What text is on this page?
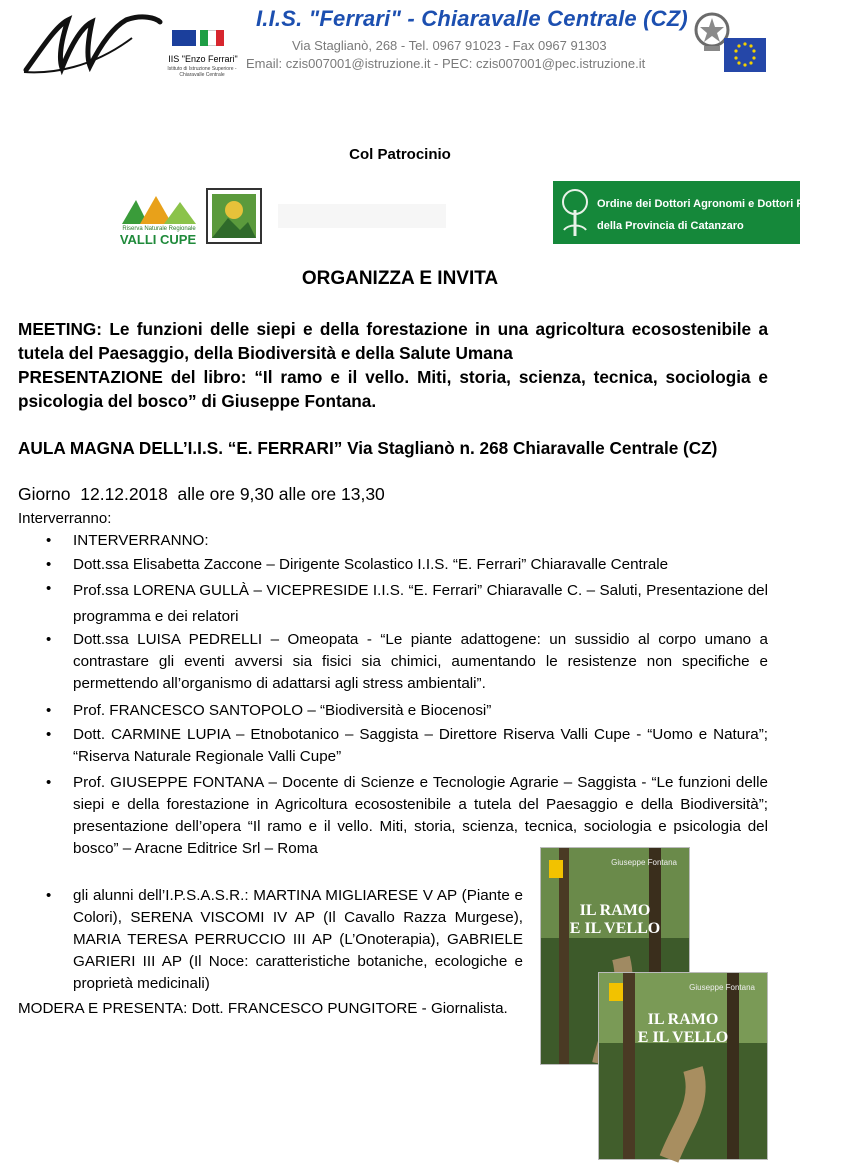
IIS "Enzo Ferrari"
Istituto di Istruzione Superiore - Chiaravalle Centrale
I.I.S. "Ferrari" - Chiaravalle Centrale (CZ)
Via Staglianò, 268 - Tel. 0967 91023 - Fax 0967 91303
Email: czis007001@istruzione.it - PEC: czis007001@pec.istruzione.it
Col Patrocinio
Riserva Naturale Regionale
VALLI CUPE
Ordine dei Dottori Agronomi e Dottori Forestali
della Provincia di Catanzaro
ORGANIZZA E INVITA

MEETING: Le funzioni delle siepi e della forestazione in una agricoltura ecosostenibile a tutela del Paesaggio, della Biodiversità e della Salute Umana

PRESENTAZIONE del libro: “Il ramo e il vello. Miti, storia, scienza, tecnica, sociologia e psicologia del bosco” di Giuseppe Fontana.

AULA MAGNA DELL’I.I.S. “E. FERRARI” Via Staglianò n. 268 Chiaravalle Centrale (CZ)
Giorno  12.12.2018  alle ore 9,30 alle ore 13,30
Interverranno:
• INTERVERRANNO:
• Dott.ssa Elisabetta Zaccone – Dirigente Scolastico I.I.S. “E. Ferrari” Chiaravalle Centrale
• Prof.ssa LORENA GULLÀ – VICEPRESIDE I.I.S. “E. Ferrari” Chiaravalle C. – Saluti, Presentazione del programma e dei relatori
• Dott.ssa LUISA PEDRELLI – Omeopata - “Le piante adattogene: un sussidio al corpo umano a contrastare gli eventi avversi sia fisici sia chimici, aumentando le resistenze non specifiche e permettendo all’organismo di adattarsi agli stress ambientali”.
• Prof. FRANCESCO SANTOPOLO – “Biodiversità e Biocenosi”
• Dott. CARMINE LUPIA – Etnobotanico – Saggista – Direttore Riserva Valli Cupe - “Uomo e Natura”; “Riserva Naturale Regionale Valli Cupe”
• Prof. GIUSEPPE FONTANA – Docente di Scienze e Tecnologie Agrarie – Saggista - “Le funzioni delle siepi e della forestazione in Agricoltura ecosostenibile a tutela del Paesaggio e della Biodiversità”; presentazione dell’opera “Il ramo e il vello. Miti, storia, scienza, tecnica, sociologia e psicologia del bosco” – Aracne Editrice Srl – Roma
• gli alunni dell’I.P.S.A.S.R.: MARTINA MIGLIARESE V AP (Piante e Colori), SERENA VISCOMI IV AP (Il Cavallo Razza Murgese), MARIA TERESA PERRUCCIO III AP (L’Onoterapia), GABRIELE GARIERI III AP (Il Noce: caratteristiche botaniche, ecologiche e proprietà medicinali)
MODERA E PRESENTA: Dott. FRANCESCO PUNGITORE - Giornalista.
Giuseppe Fontana
IL RAMO
E IL VELLO
Giuseppe Fontana
IL RAMO
E IL VELLO
